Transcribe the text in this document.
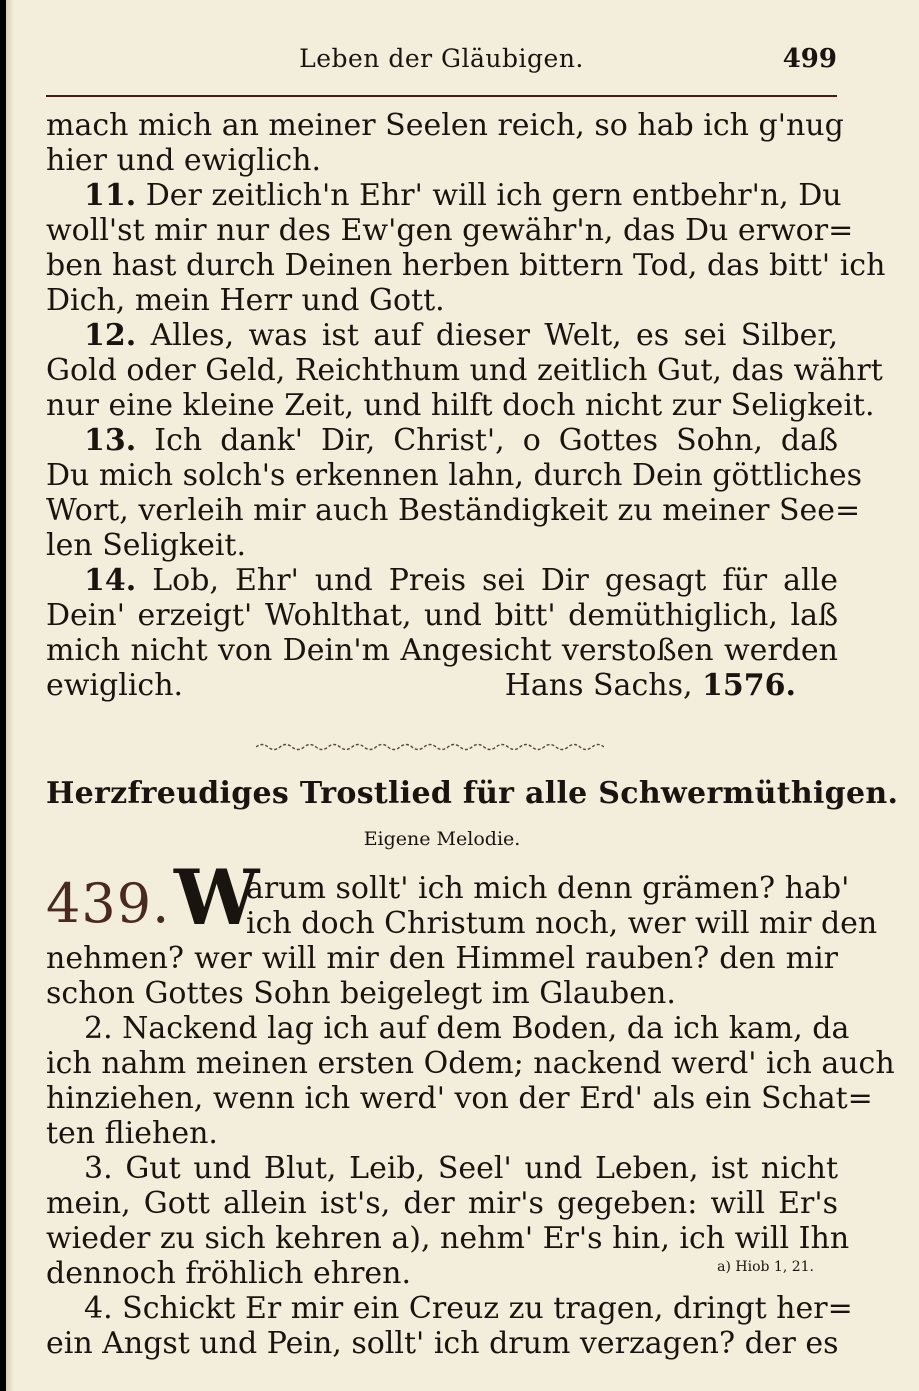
Leben der Gläubigen.	499
mach mich an meiner Seelen reich, so hab ich g'nug
hier und ewiglich.
11. Der zeitlich'n Ehr' will ich gern entbehr'n, Du
woll'st mir nur des Ew'gen gewähr'n, das Du erwor=
ben hast durch Deinen herben bittern Tod, das bitt' ich
Dich, mein Herr und Gott.
12. Alles, was ist auf dieser Welt, es sei Silber,
Gold oder Geld, Reichthum und zeitlich Gut, das währt
nur eine kleine Zeit, und hilft doch nicht zur Seligkeit.
13. Ich dank' Dir, Christ', o Gottes Sohn, daß
Du mich solch's erkennen lahn, durch Dein göttliches
Wort, verleih mir auch Beständigkeit zu meiner See=
len Seligkeit.
14. Lob, Ehr' und Preis sei Dir gesagt für alle
Dein' erzeigt' Wohlthat, und bitt' demüthiglich, laß
mich nicht von Dein'm Angesicht verstoßen werden
ewiglich.	Hans Sachs, 1576.
Herzfreudiges Trostlied für alle Schwermüthigen.
Eigene Melodie.
439. W
arum sollt' ich mich denn grämen? hab'
ich doch Christum noch, wer will mir den
nehmen? wer will mir den Himmel rauben? den mir
schon Gottes Sohn beigelegt im Glauben.
2. Nackend lag ich auf dem Boden, da ich kam, da
ich nahm meinen ersten Odem; nackend werd' ich auch
hinziehen, wenn ich werd' von der Erd' als ein Schat=
ten fliehen.
3. Gut und Blut, Leib, Seel' und Leben, ist nicht
mein, Gott allein ist's, der mir's gegeben: will Er's
wieder zu sich kehren a), nehm' Er's hin, ich will Ihn
dennoch fröhlich ehren.	$^{a) Hiob 1, 21.}$
4. Schickt Er mir ein Creuz zu tragen, dringt her=
ein Angst und Pein, sollt' ich drum verzagen? der es
